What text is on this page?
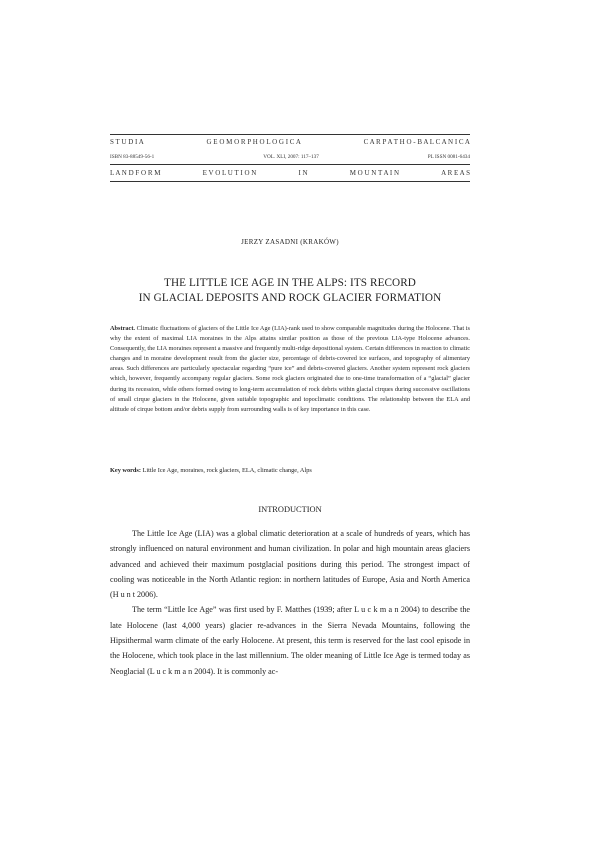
S T U D I A	G E O M O R P H O L O G I C A	C A R P A T H O - B A L C A N I C A
ISBN 83-88549-56-1	VOL. XLI, 2007: 117–137	PL ISSN 0081-6434
L A N D F O R M	E V O L U T I O N	I N	M O U N T A I N	A R E A S
JERZY ZASADNI (KRAKÓW)
THE LITTLE ICE AGE IN THE ALPS: ITS RECORD
IN GLACIAL DEPOSITS AND ROCK GLACIER FORMATION
Abstract. Climatic fluctuations of glaciers of the Little Ice Age (LIA)-rank used to show comparable magnitudes during the Holocene. That is why the extent of maximal LIA moraines in the Alps attains similar position as those of the previous LIA-type Holocene advances. Consequently, the LIA moraines represent a massive and frequently multi-ridge depositional system. Certain differences in reaction to climatic changes and in moraine development result from the glacier size, percentage of debris-covered ice surfaces, and topography of alimentary areas. Such differences are particularly spectacular regarding “pure ice” and debris-covered glaciers. Another system represent rock glaciers which, however, frequently accompany regular glaciers. Some rock glaciers originated due to one-time transformation of a “glacial” glacier during its recession, while others formed owing to long-term accumulation of rock debris within glacial cirques during successive oscillations of small cirque glaciers in the Holocene, given suitable topographic and topoclimatic conditions. The relationship between the ELA and altitude of cirque bottom and/or debris supply from surrounding walls is of key importance in this case.
Key words: Little Ice Age, moraines, rock glaciers, ELA, climatic change, Alps
INTRODUCTION

The Little Ice Age (LIA) was a global climatic deterioration at a scale of hundreds of years, which has strongly influenced on natural environment and human civilization. In polar and high mountain areas glaciers advanced and achieved their maximum postglacial positions during this period. The strongest impact of cooling was noticeable in the North Atlantic region: in northern latitudes of Europe, Asia and North America (H u n t 2006).

The term “Little Ice Age” was first used by F. Matthes (1939; after L u c k m a n 2004) to describe the late Holocene (last 4,000 years) glacier re-advances in the Sierra Nevada Mountains, following the Hipsithermal warm climate of the early Holocene. At present, this term is reserved for the last cool episode in the Holocene, which took place in the last millennium. The older meaning of Little Ice Age is termed today as Neoglacial (L u c k m a n 2004). It is commonly ac-
